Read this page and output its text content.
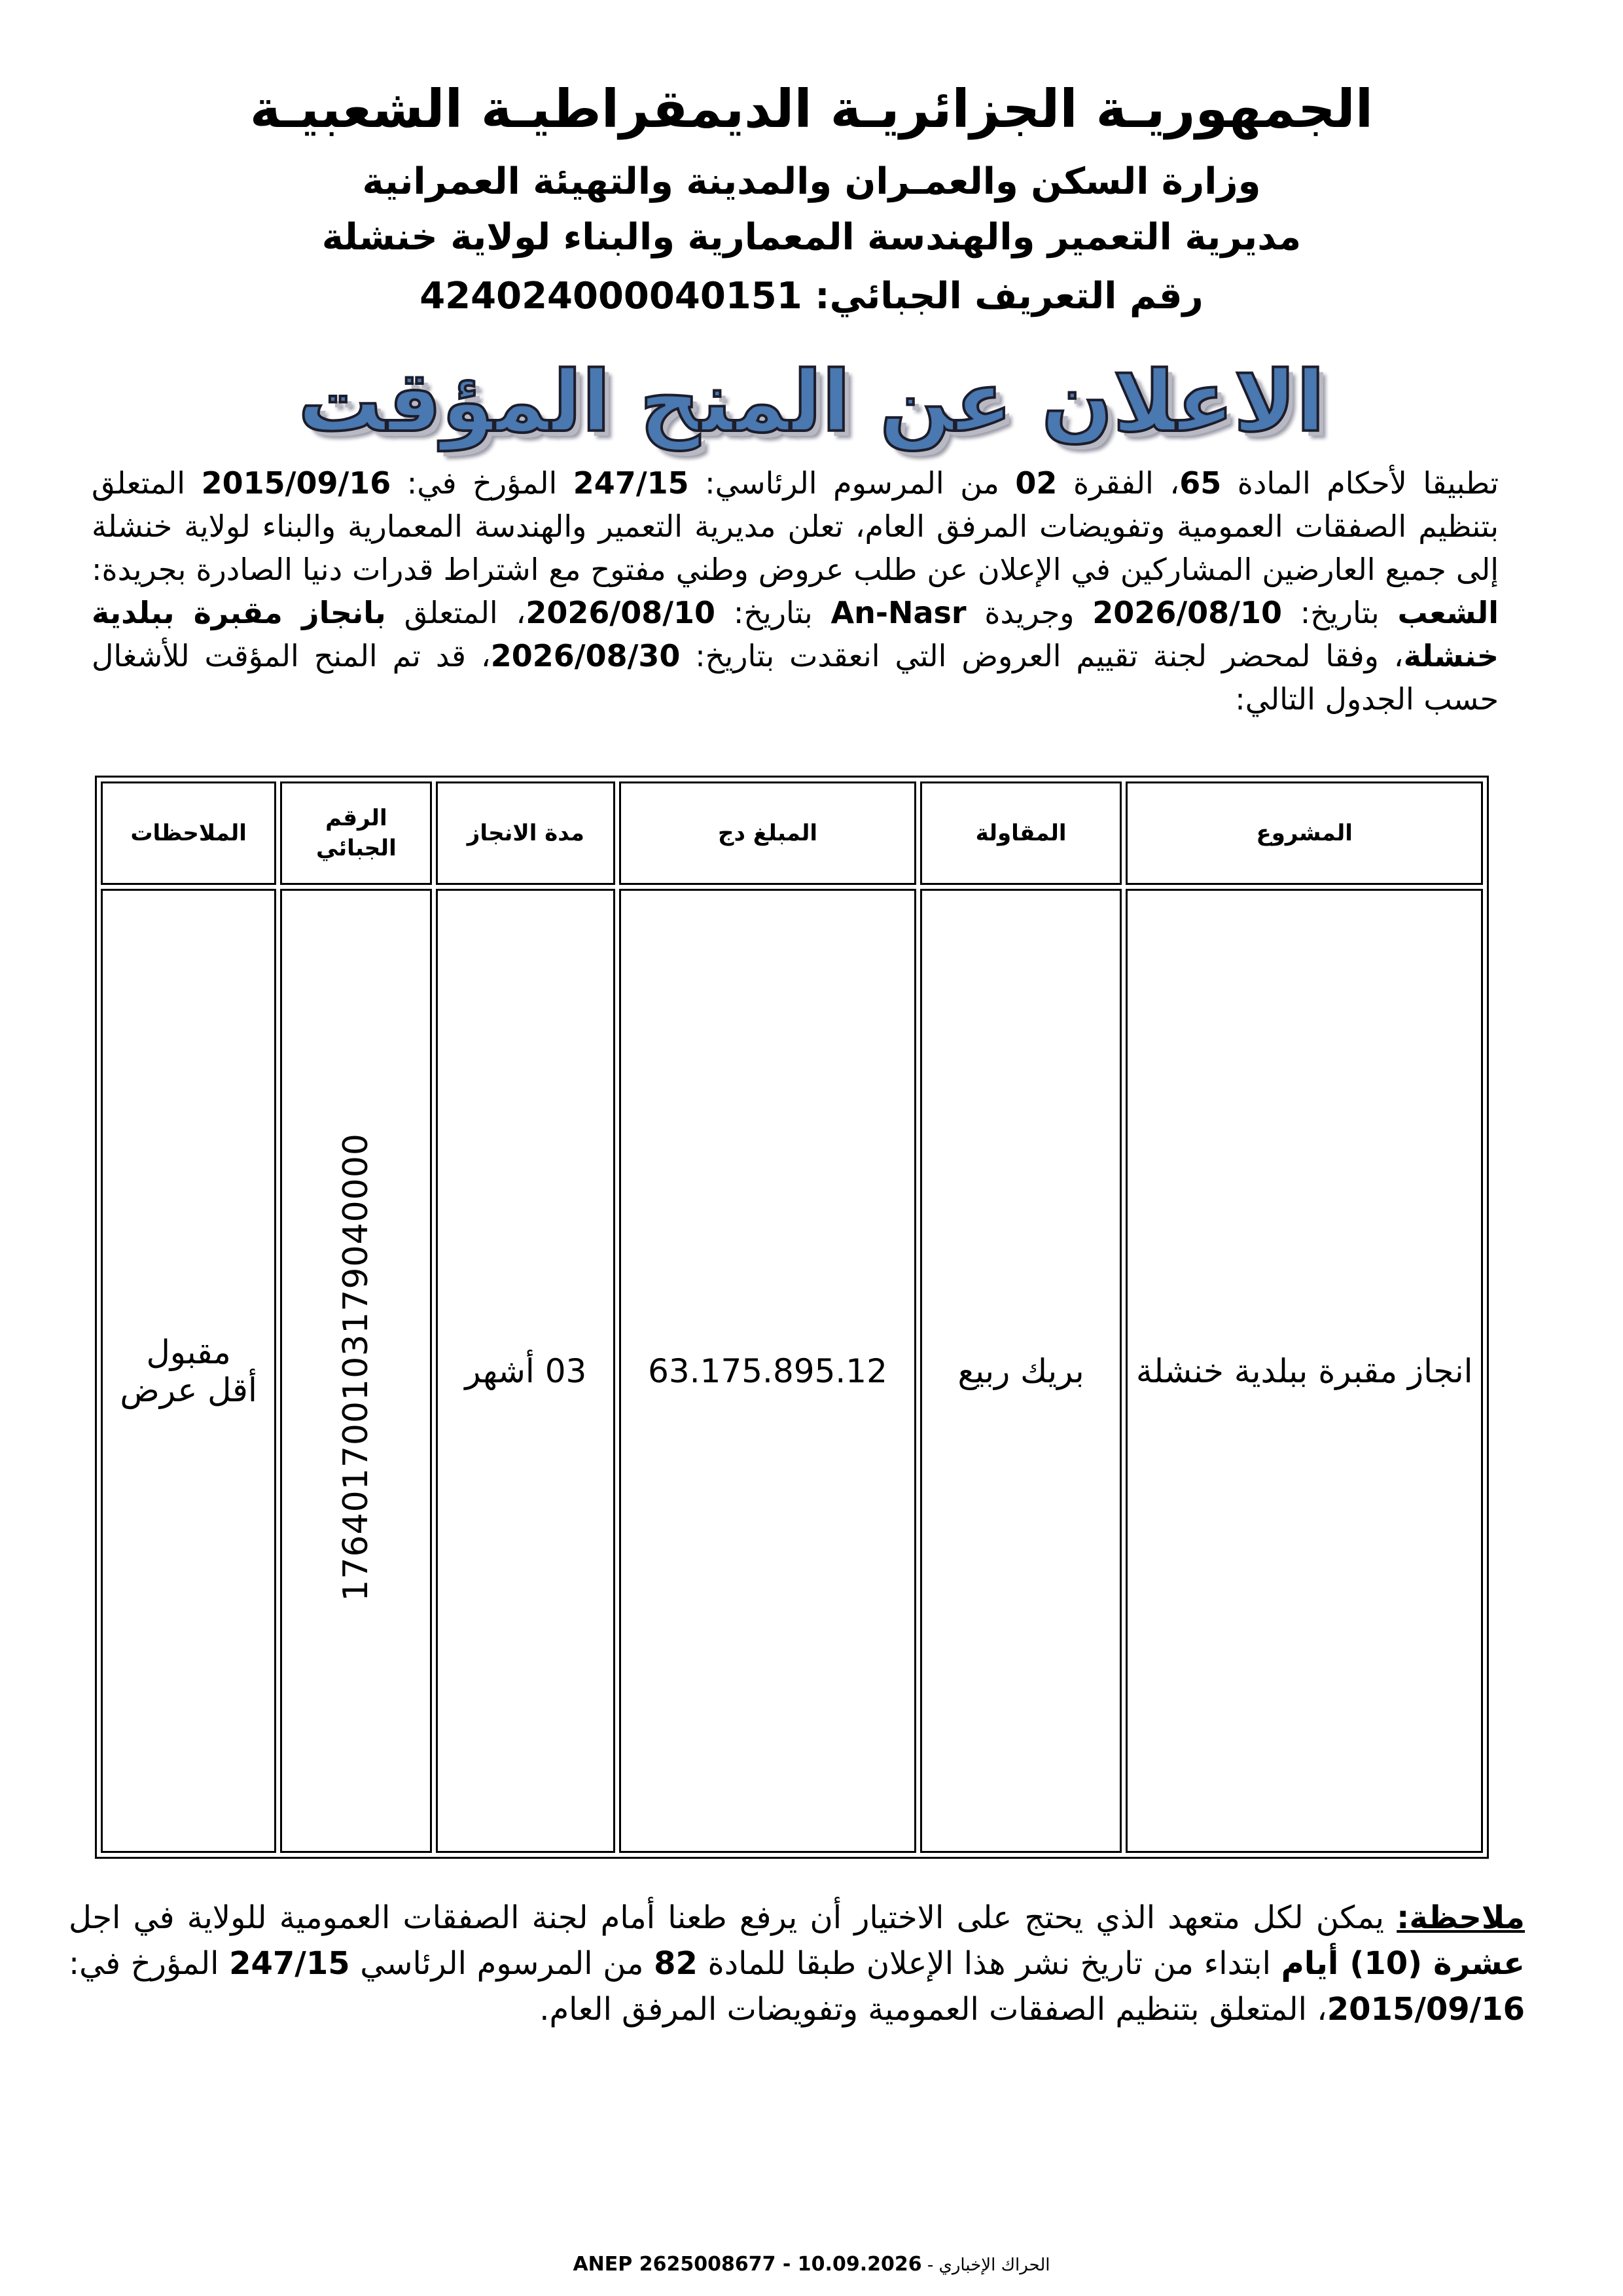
الجمهوريـة الجزائريـة الديمقراطيـة الشعبيـة
وزارة السكن والعمـران والمدينة والتهيئة العمرانية
مديرية التعمير والهندسة المعمارية والبناء لولاية خنشلة
رقم التعريف الجبائي: 424024000040151
الاعلان عن المنح المؤقت
تطبيقا لأحكام المادة 65، الفقرة 02 من المرسوم الرئاسي: 247/15 المؤرخ في: 2015/09/16 المتعلق بتنظيم الصفقات العمومية وتفويضات المرفق العام، تعلن مديرية التعمير والهندسة المعمارية والبناء لولاية خنشلة إلى جميع العارضين المشاركين في الإعلان عن طلب عروض وطني مفتوح مع اشتراط قدرات دنيا الصادرة بجريدة: الشعب بتاريخ: 2026/08/10 وجريدة An-Nasr بتاريخ: 2026/08/10، المتعلق بانجاز مقبرة ببلدية خنشلة، وفقا لمحضر لجنة تقييم العروض التي انعقدت بتاريخ: 2026/08/30، قد تم المنح المؤقت للأشغال حسب الجدول التالي:
المشروع	المقاولة	المبلغ دج	مدة الانجاز	الرقم الجبائي	الملاحظات
انجاز مقبرة ببلدية خنشلة	بريك ربيع	63.175.895.12	03 أشهر	176401700103179040000	مقبول
أقل عرض
ملاحظة: يمكن لكل متعهد الذي يحتج على الاختيار أن يرفع طعنا أمام لجنة الصفقات العمومية للولاية في اجل عشرة (10) أيام ابتداء من تاريخ نشر هذا الإعلان طبقا للمادة 82 من المرسوم الرئاسي 247/15 المؤرخ في: 2015/09/16، المتعلق بتنظيم الصفقات العمومية وتفويضات المرفق العام.
ANEP 2625008677 - 10.09.2026 - الحراك الإخباري
